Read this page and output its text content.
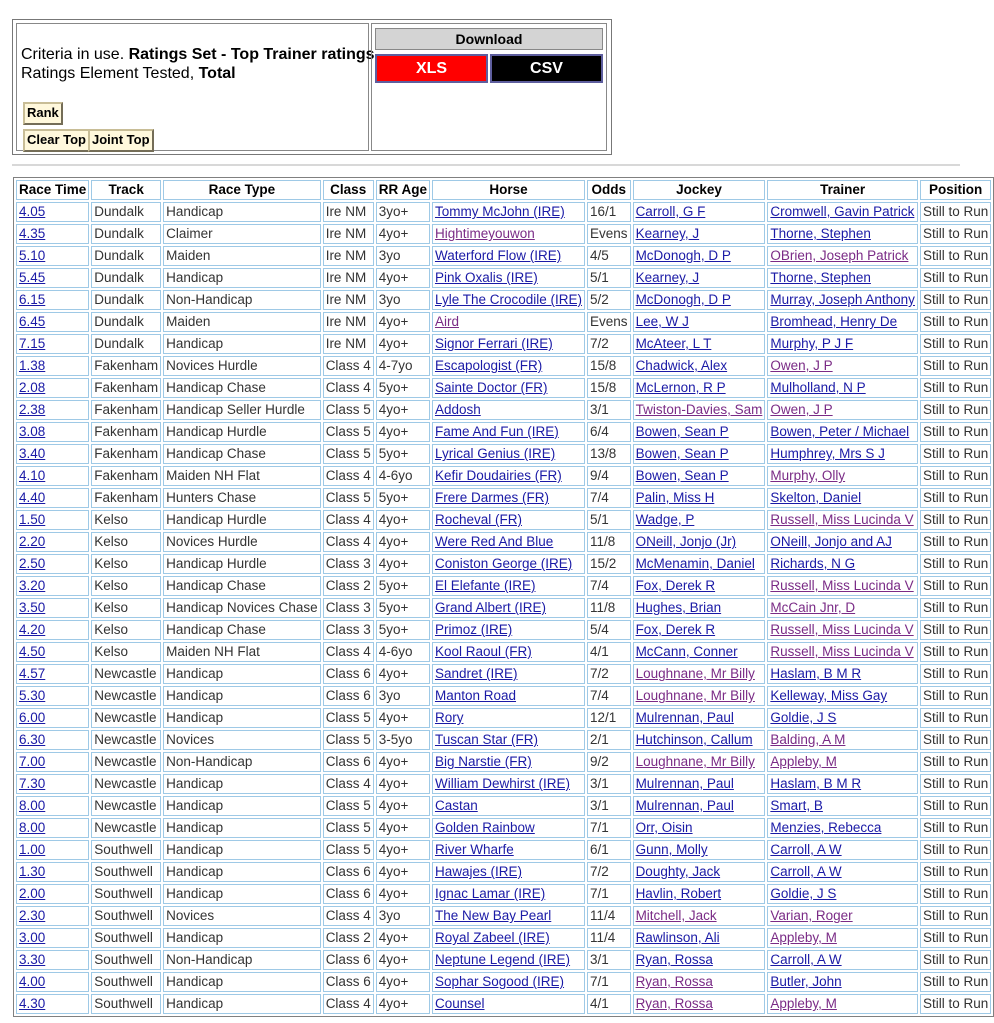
Criteria in use. Ratings Set - Top Trainer ratings
Ratings Element Tested, Total
Rank
Clear Top Joint Top
Download
XLS	CSV
Race Time	Track	Race Type	Class	RR Age	Horse	Odds	Jockey	Trainer	Position
4.05	Dundalk	Handicap	Ire NM	3yo+	Tommy McJohn (IRE)	16/1	Carroll, G F	Cromwell, Gavin Patrick	Still to Run
4.35	Dundalk	Claimer	Ire NM	4yo+	Hightimeyouwon	Evens	Kearney, J	Thorne, Stephen	Still to Run
5.10	Dundalk	Maiden	Ire NM	3yo	Waterford Flow (IRE)	4/5	McDonogh, D P	OBrien, Joseph Patrick	Still to Run
5.45	Dundalk	Handicap	Ire NM	4yo+	Pink Oxalis (IRE)	5/1	Kearney, J	Thorne, Stephen	Still to Run
6.15	Dundalk	Non-Handicap	Ire NM	3yo	Lyle The Crocodile (IRE)	5/2	McDonogh, D P	Murray, Joseph Anthony	Still to Run
6.45	Dundalk	Maiden	Ire NM	4yo+	Aird	Evens	Lee, W J	Bromhead, Henry De	Still to Run
7.15	Dundalk	Handicap	Ire NM	4yo+	Signor Ferrari (IRE)	7/2	McAteer, L T	Murphy, P J F	Still to Run
1.38	Fakenham	Novices Hurdle	Class 4	4-7yo	Escapologist (FR)	15/8	Chadwick, Alex	Owen, J P	Still to Run
2.08	Fakenham	Handicap Chase	Class 4	5yo+	Sainte Doctor (FR)	15/8	McLernon, R P	Mulholland, N P	Still to Run
2.38	Fakenham	Handicap Seller Hurdle	Class 5	4yo+	Addosh	3/1	Twiston-Davies, Sam	Owen, J P	Still to Run
3.08	Fakenham	Handicap Hurdle	Class 5	4yo+	Fame And Fun (IRE)	6/4	Bowen, Sean P	Bowen, Peter / Michael	Still to Run
3.40	Fakenham	Handicap Chase	Class 5	5yo+	Lyrical Genius (IRE)	13/8	Bowen, Sean P	Humphrey, Mrs S J	Still to Run
4.10	Fakenham	Maiden NH Flat	Class 4	4-6yo	Kefir Doudairies (FR)	9/4	Bowen, Sean P	Murphy, Olly	Still to Run
4.40	Fakenham	Hunters Chase	Class 5	5yo+	Frere Darmes (FR)	7/4	Palin, Miss H	Skelton, Daniel	Still to Run
1.50	Kelso	Handicap Hurdle	Class 4	4yo+	Rocheval (FR)	5/1	Wadge, P	Russell, Miss Lucinda V	Still to Run
2.20	Kelso	Novices Hurdle	Class 4	4yo+	Were Red And Blue	11/8	ONeill, Jonjo (Jr)	ONeill, Jonjo and AJ	Still to Run
2.50	Kelso	Handicap Hurdle	Class 3	4yo+	Coniston George (IRE)	15/2	McMenamin, Daniel	Richards, N G	Still to Run
3.20	Kelso	Handicap Chase	Class 2	5yo+	El Elefante (IRE)	7/4	Fox, Derek R	Russell, Miss Lucinda V	Still to Run
3.50	Kelso	Handicap Novices Chase	Class 3	5yo+	Grand Albert (IRE)	11/8	Hughes, Brian	McCain Jnr, D	Still to Run
4.20	Kelso	Handicap Chase	Class 3	5yo+	Primoz (IRE)	5/4	Fox, Derek R	Russell, Miss Lucinda V	Still to Run
4.50	Kelso	Maiden NH Flat	Class 4	4-6yo	Kool Raoul (FR)	4/1	McCann, Conner	Russell, Miss Lucinda V	Still to Run
4.57	Newcastle	Handicap	Class 6	4yo+	Sandret (IRE)	7/2	Loughnane, Mr Billy	Haslam, B M R	Still to Run
5.30	Newcastle	Handicap	Class 6	3yo	Manton Road	7/4	Loughnane, Mr Billy	Kelleway, Miss Gay	Still to Run
6.00	Newcastle	Handicap	Class 5	4yo+	Rory	12/1	Mulrennan, Paul	Goldie, J S	Still to Run
6.30	Newcastle	Novices	Class 5	3-5yo	Tuscan Star (FR)	2/1	Hutchinson, Callum	Balding, A M	Still to Run
7.00	Newcastle	Non-Handicap	Class 6	4yo+	Big Narstie (FR)	9/2	Loughnane, Mr Billy	Appleby, M	Still to Run
7.30	Newcastle	Handicap	Class 4	4yo+	William Dewhirst (IRE)	3/1	Mulrennan, Paul	Haslam, B M R	Still to Run
8.00	Newcastle	Handicap	Class 5	4yo+	Castan	3/1	Mulrennan, Paul	Smart, B	Still to Run
8.00	Newcastle	Handicap	Class 5	4yo+	Golden Rainbow	7/1	Orr, Oisin	Menzies, Rebecca	Still to Run
1.00	Southwell	Handicap	Class 5	4yo+	River Wharfe	6/1	Gunn, Molly	Carroll, A W	Still to Run
1.30	Southwell	Handicap	Class 6	4yo+	Hawajes (IRE)	7/2	Doughty, Jack	Carroll, A W	Still to Run
2.00	Southwell	Handicap	Class 6	4yo+	Ignac Lamar (IRE)	7/1	Havlin, Robert	Goldie, J S	Still to Run
2.30	Southwell	Novices	Class 4	3yo	The New Bay Pearl	11/4	Mitchell, Jack	Varian, Roger	Still to Run
3.00	Southwell	Handicap	Class 2	4yo+	Royal Zabeel (IRE)	11/4	Rawlinson, Ali	Appleby, M	Still to Run
3.30	Southwell	Non-Handicap	Class 6	4yo+	Neptune Legend (IRE)	3/1	Ryan, Rossa	Carroll, A W	Still to Run
4.00	Southwell	Handicap	Class 6	4yo+	Sophar Sogood (IRE)	7/1	Ryan, Rossa	Butler, John	Still to Run
4.30	Southwell	Handicap	Class 4	4yo+	Counsel	4/1	Ryan, Rossa	Appleby, M	Still to Run
